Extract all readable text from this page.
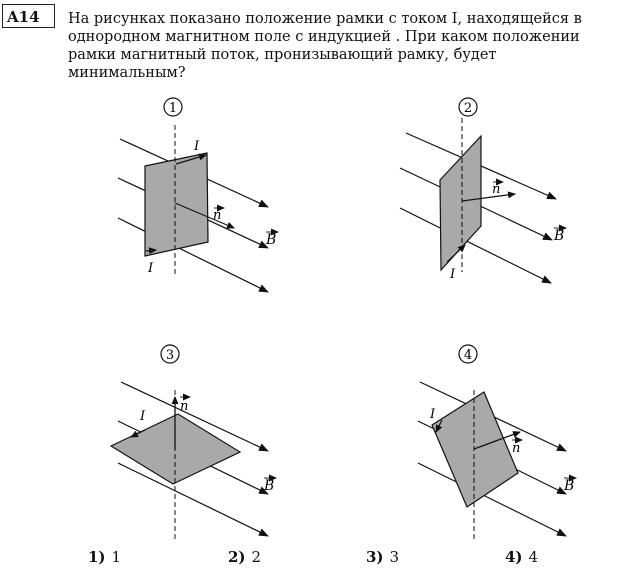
A14	На рисунках показано положение рамки с током I, находящейся в
однородном магнитном поле с индукцией . При каком положении
рамки магнитный поток, пронизывающий рамку, будет
минимальным?
1
n
B
I
I
2
n
B
I
3
n
B
I
4
n
B
I
1) 1	2) 2	3) 3	4) 4
